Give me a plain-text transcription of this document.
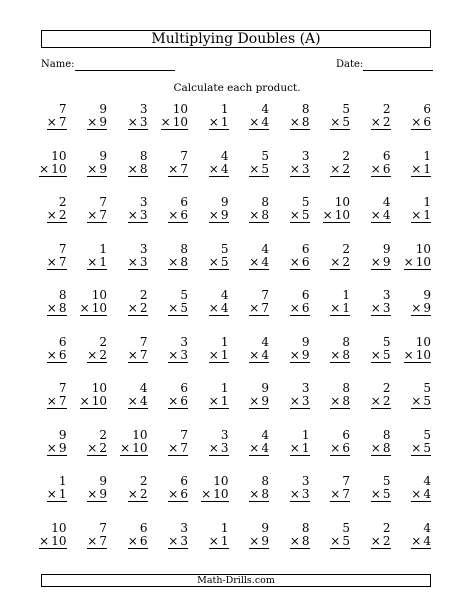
Multiplying Doubles (A)
Name:	Date:
Calculate each product.
7
× 7
9
× 9
3
× 3
10
× 10
1
× 1
4
× 4
8
× 8
5
× 5
2
× 2
6
× 6
10
× 10
9
× 9
8
× 8
7
× 7
4
× 4
5
× 5
3
× 3
2
× 2
6
× 6
1
× 1
2
× 2
7
× 7
3
× 3
6
× 6
9
× 9
8
× 8
5
× 5
10
× 10
4
× 4
1
× 1
7
× 7
1
× 1
3
× 3
8
× 8
5
× 5
4
× 4
6
× 6
2
× 2
9
× 9
10
× 10
8
× 8
10
× 10
2
× 2
5
× 5
4
× 4
7
× 7
6
× 6
1
× 1
3
× 3
9
× 9
6
× 6
2
× 2
7
× 7
3
× 3
1
× 1
4
× 4
9
× 9
8
× 8
5
× 5
10
× 10
7
× 7
10
× 10
4
× 4
6
× 6
1
× 1
9
× 9
3
× 3
8
× 8
2
× 2
5
× 5
9
× 9
2
× 2
10
× 10
7
× 7
3
× 3
4
× 4
1
× 1
6
× 6
8
× 8
5
× 5
1
× 1
9
× 9
2
× 2
6
× 6
10
× 10
8
× 8
3
× 3
7
× 7
5
× 5
4
× 4
10
× 10
7
× 7
6
× 6
3
× 3
1
× 1
9
× 9
8
× 8
5
× 5
2
× 2
4
× 4
Math-Drills.com
